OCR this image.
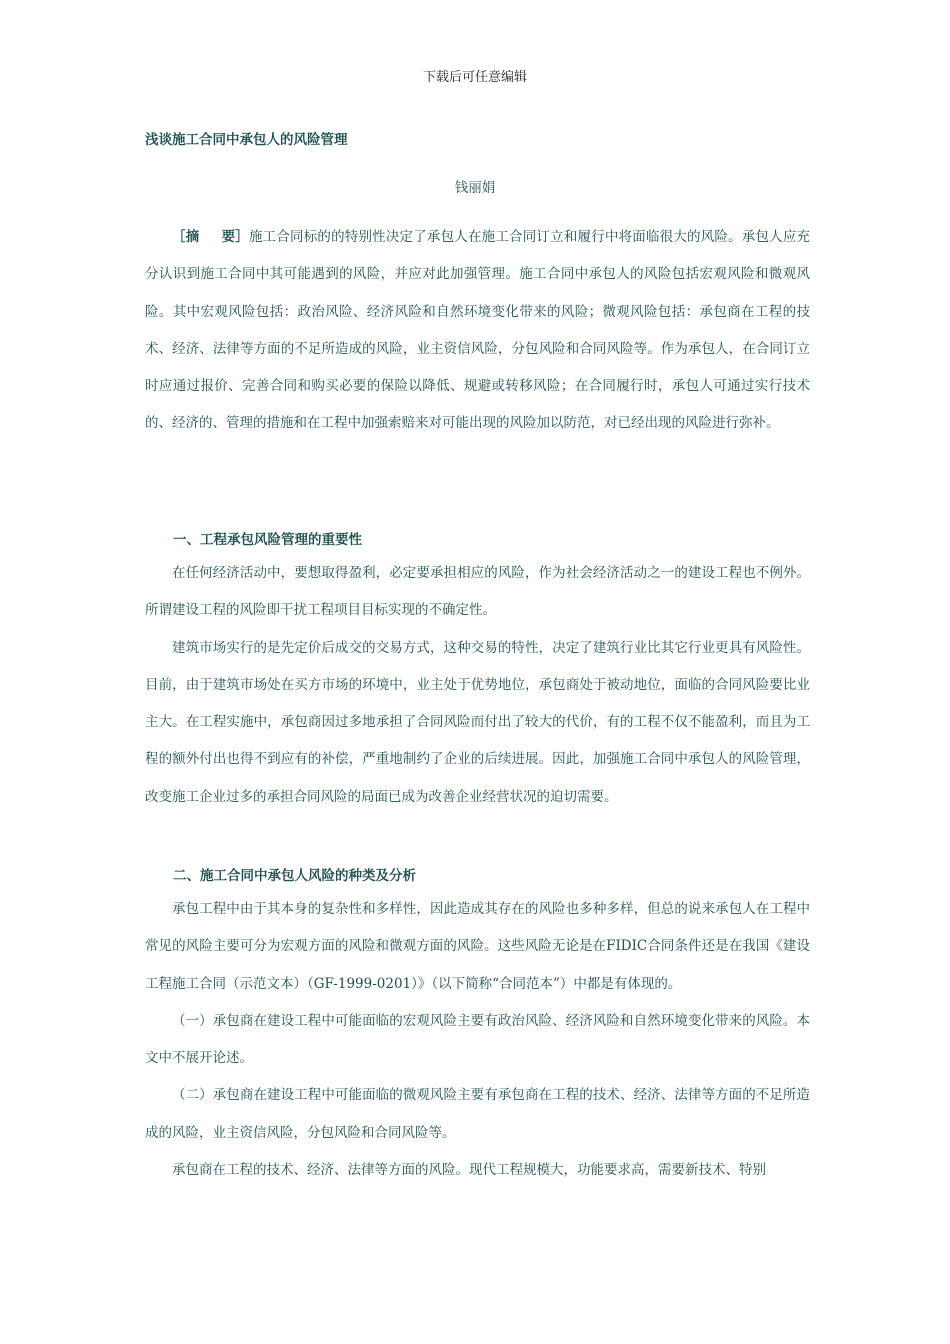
下载后可任意编辑
浅谈施工合同中承包人的风险管理
钱丽娟

［摘 要］施工合同标的的特别性决定了承包人在施工合同订立和履行中将面临很大的风险。承包人应充分认识到施工合同中其可能遇到的风险，并应对此加强管理。施工合同中承包人的风险包括宏观风险和微观风险。其中宏观风险包括：政治风险、经济风险和自然环境变化带来的风险；微观风险包括：承包商在工程的技术、经济、法律等方面的不足所造成的风险，业主资信风险，分包风险和合同风险等。作为承包人，在合同订立时应通过报价、完善合同和购买必要的保险以降低、规避或转移风险；在合同履行时，承包人可通过实行技术的、经济的、管理的措施和在工程中加强索赔来对可能出现的风险加以防范，对已经出现的风险进行弥补。

一、工程承包风险管理的重要性

在任何经济活动中，要想取得盈利，必定要承担相应的风险，作为社会经济活动之一的建设工程也不例外。所谓建设工程的风险即干扰工程项目目标实现的不确定性。

建筑市场实行的是先定价后成交的交易方式，这种交易的特性，决定了建筑行业比其它行业更具有风险性。目前，由于建筑市场处在买方市场的环境中，业主处于优势地位，承包商处于被动地位，面临的合同风险要比业主大。在工程实施中，承包商因过多地承担了合同风险而付出了较大的代价，有的工程不仅不能盈利，而且为工程的额外付出也得不到应有的补偿，严重地制约了企业的后续进展。因此，加强施工合同中承包人的风险管理，改变施工企业过多的承担合同风险的局面已成为改善企业经营状况的迫切需要。

二、施工合同中承包人风险的种类及分析

承包工程中由于其本身的复杂性和多样性，因此造成其存在的风险也多种多样，但总的说来承包人在工程中常见的风险主要可分为宏观方面的风险和微观方面的风险。这些风险无论是在FIDIC合同条件还是在我国《建设工程施工合同（示范文本）（GF-1999-0201）》（以下简称“合同范本”）中都是有体现的。

（一）承包商在建设工程中可能面临的宏观风险主要有政治风险、经济风险和自然环境变化带来的风险。本文中不展开论述。

（二）承包商在建设工程中可能面临的微观风险主要有承包商在工程的技术、经济、法律等方面的不足所造成的风险，业主资信风险，分包风险和合同风险等。

承包商在工程的技术、经济、法律等方面的风险。现代工程规模大，功能要求高，需要新技术、特别
